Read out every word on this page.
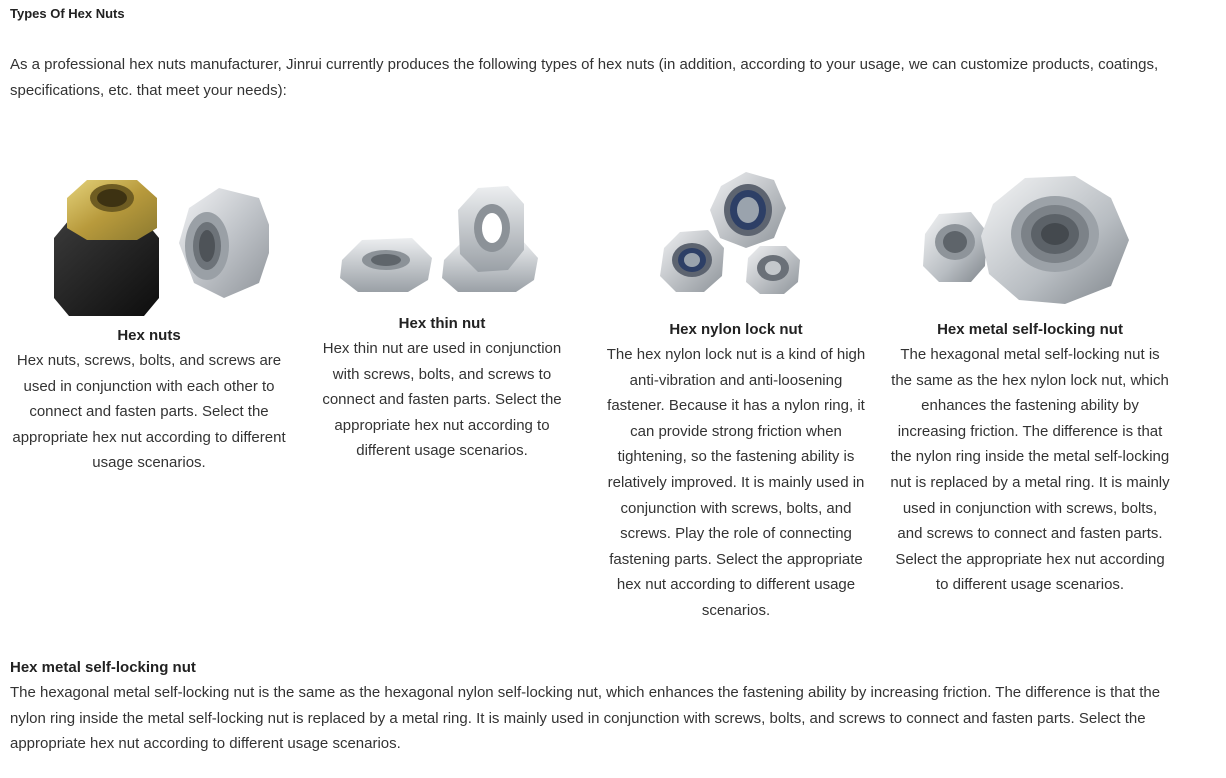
Types Of Hex Nuts
As a professional hex nuts manufacturer, Jinrui currently produces the following types of hex nuts (in addition, according to your usage, we can customize products, coatings, specifications, etc. that meet your needs):
Hex nuts
Hex nuts, screws, bolts, and screws are used in conjunction with each other to connect and fasten parts. Select the appropriate hex nut according to different usage scenarios.
Hex thin nut
Hex thin nut are used in conjunction with screws, bolts, and screws to connect and fasten parts. Select the appropriate hex nut according to different usage scenarios.
Hex nylon lock nut
The hex nylon lock nut is a kind of high anti-vibration and anti-loosening fastener. Because it has a nylon ring, it can provide strong friction when tightening, so the fastening ability is relatively improved. It is mainly used in conjunction with screws, bolts, and screws. Play the role of connecting fastening parts. Select the appropriate hex nut according to different usage scenarios.
Hex metal self-locking nut
The hexagonal metal self-locking nut is the same as the hex nylon lock nut, which enhances the fastening ability by increasing friction. The difference is that the nylon ring inside the metal self-locking nut is replaced by a metal ring. It is mainly used in conjunction with screws, bolts, and screws to connect and fasten parts. Select the appropriate hex nut according to different usage scenarios.
Hex metal self-locking nut
The hexagonal metal self-locking nut is the same as the hexagonal nylon self-locking nut, which enhances the fastening ability by increasing friction. The difference is that the nylon ring inside the metal self-locking nut is replaced by a metal ring. It is mainly used in conjunction with screws, bolts, and screws to connect and fasten parts. Select the appropriate hex nut according to different usage scenarios.
